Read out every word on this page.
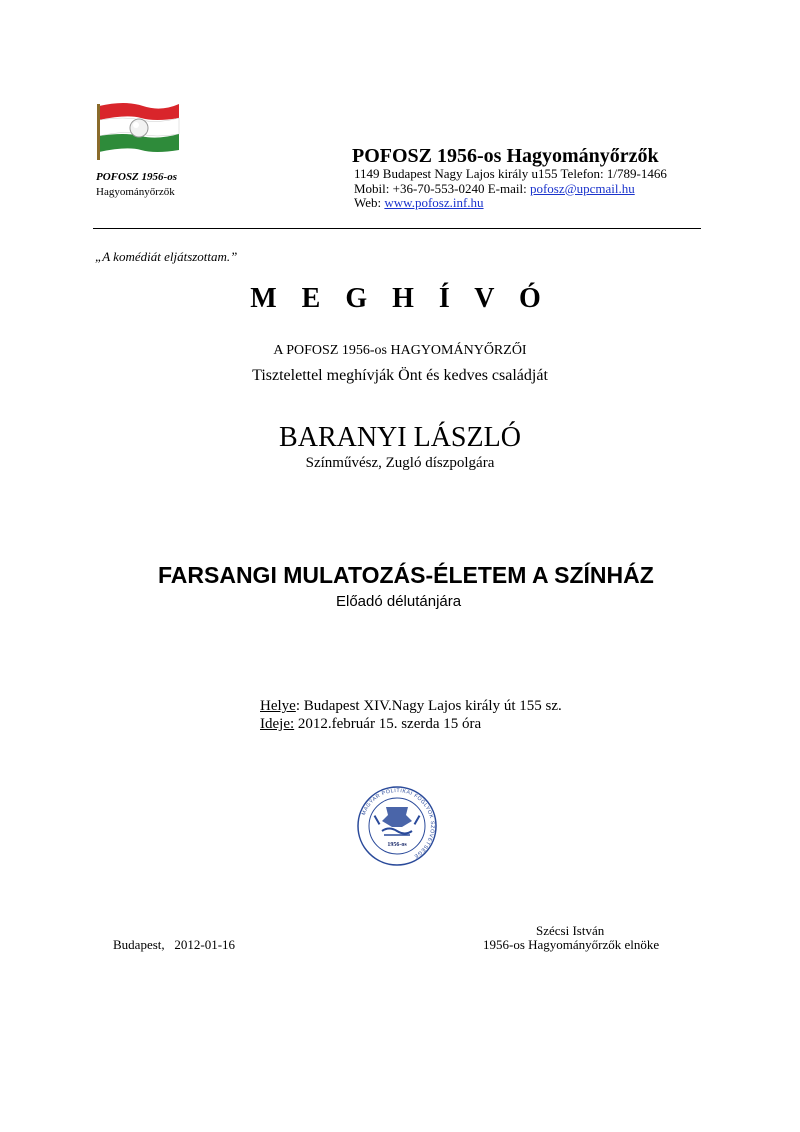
POFOSZ 1956-os
Hagyományőrzők
POFOSZ 1956-os Hagyományőrzők
1149 Budapest Nagy Lajos király u155 Telefon: 1/789-1466
Mobil: +36-70-553-0240 E-mail: pofosz@upcmail.hu
Web: www.pofosz.inf.hu
„A komédiát eljátszottam.”
M E G H Í V Ó
A POFOSZ 1956-os HAGYOMÁNYŐRZŐI
Tisztelettel meghívják Önt és kedves családját
BARANYI LÁSZLÓ
Színművész, Zugló díszpolgára
FARSANGI MULATOZÁS-ÉLETEM A SZÍNHÁZ
Előadó délutánjára
Helye: Budapest XIV.Nagy Lajos király út 155 sz.
Ideje: 2012.február 15. szerda 15 óra
1956-os
MAGYAR POLITIKAI FOGLYOK SZÖVETSÉGE
Szécsi István
1956-os Hagyományőrzők elnöke
Budapest,   2012-01-16
